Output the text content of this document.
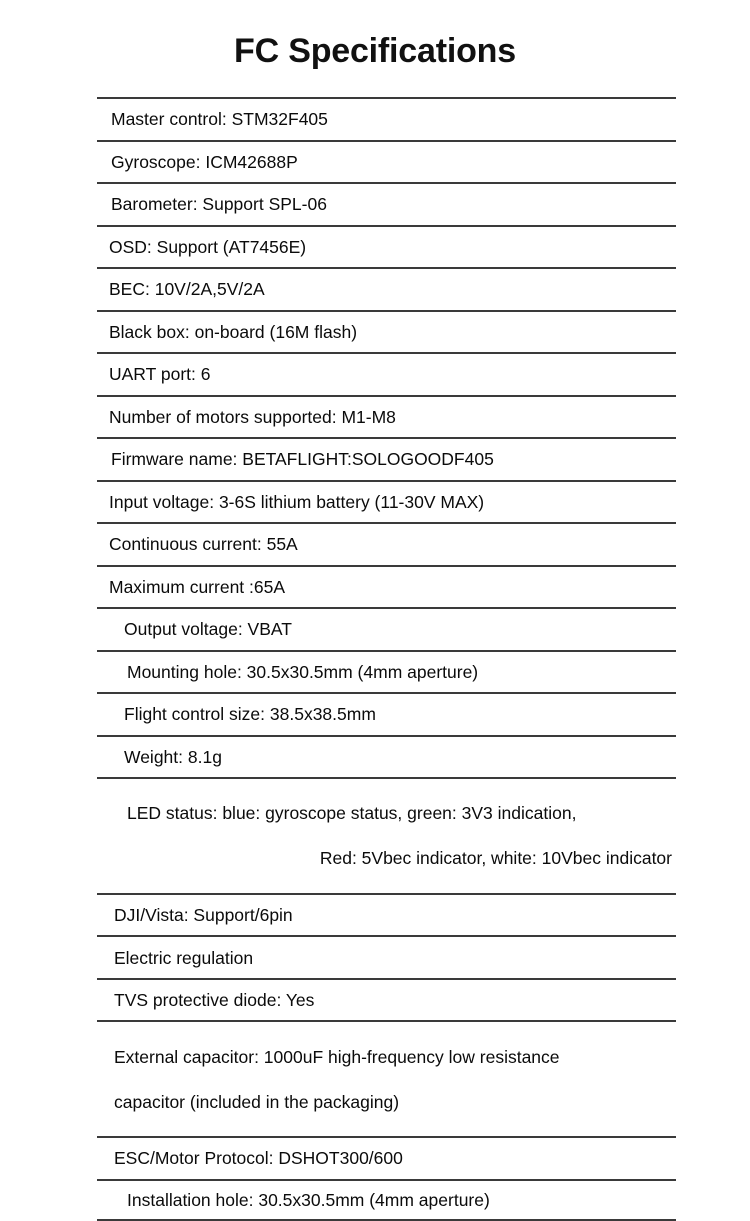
FC Specifications
Master control: STM32F405
Gyroscope: ICM42688P
Barometer: Support SPL-06
OSD: Support (AT7456E)
BEC: 10V/2A,5V/2A
Black box: on-board (16M flash)
UART port: 6
Number of motors supported: M1-M8
Firmware name: BETAFLIGHT:SOLOGOODF405
Input voltage: 3-6S lithium battery (11-30V MAX)
Continuous current: 55A
Maximum current :65A
Output voltage: VBAT
Mounting hole: 30.5x30.5mm (4mm aperture)
Flight control size: 38.5x38.5mm
Weight: 8.1g

LED status: blue: gyroscope status, green: 3V3 indication,

Red: 5Vbec indicator, white: 10Vbec indicator

DJI/Vista: Support/6pin
Electric regulation
TVS protective diode: Yes

External capacitor: 1000uF high-frequency low resistance

capacitor (included in the packaging)

ESC/Motor Protocol: DSHOT300/600
Installation hole: 30.5x30.5mm (4mm aperture)
